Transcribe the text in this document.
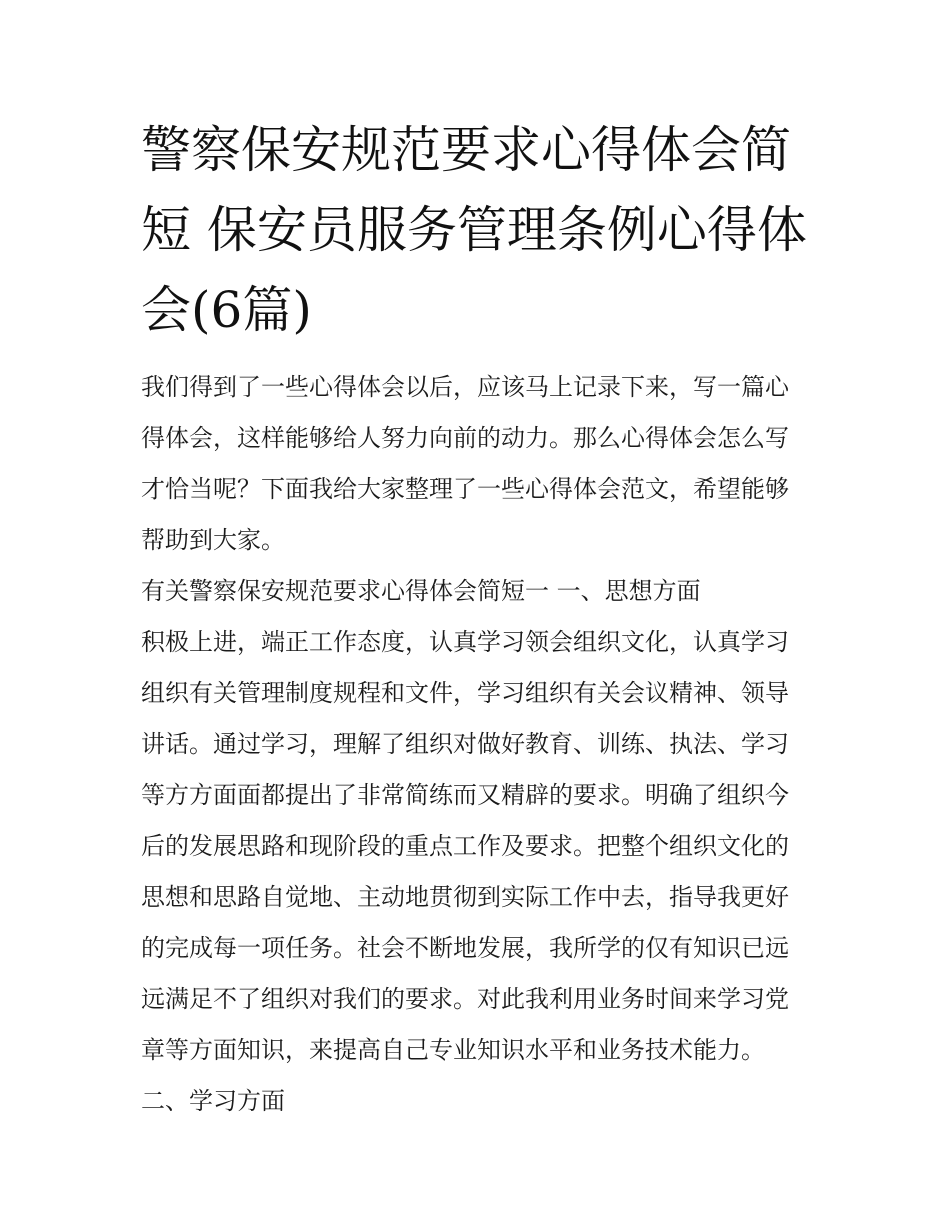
警察保安规范要求心得体会简
短 保安员服务管理条例心得体
会(6篇)
我们得到了一些心得体会以后，应该马上记录下来，写一篇心
得体会，这样能够给人努力向前的动力。那么心得体会怎么写
才恰当呢？下面我给大家整理了一些心得体会范文，希望能够
帮助到大家。
有关警察保安规范要求心得体会简短一 一、思想方面
积极上进，端正工作态度，认真学习领会组织文化，认真学习
组织有关管理制度规程和文件，学习组织有关会议精神、领导
讲话。通过学习，理解了组织对做好教育、训练、执法、学习
等方方面面都提出了非常简练而又精辟的要求。明确了组织今
后的发展思路和现阶段的重点工作及要求。把整个组织文化的
思想和思路自觉地、主动地贯彻到实际工作中去，指导我更好
的完成每一项任务。社会不断地发展，我所学的仅有知识已远
远满足不了组织对我们的要求。对此我利用业务时间来学习党
章等方面知识，来提高自己专业知识水平和业务技术能力。
二、学习方面
